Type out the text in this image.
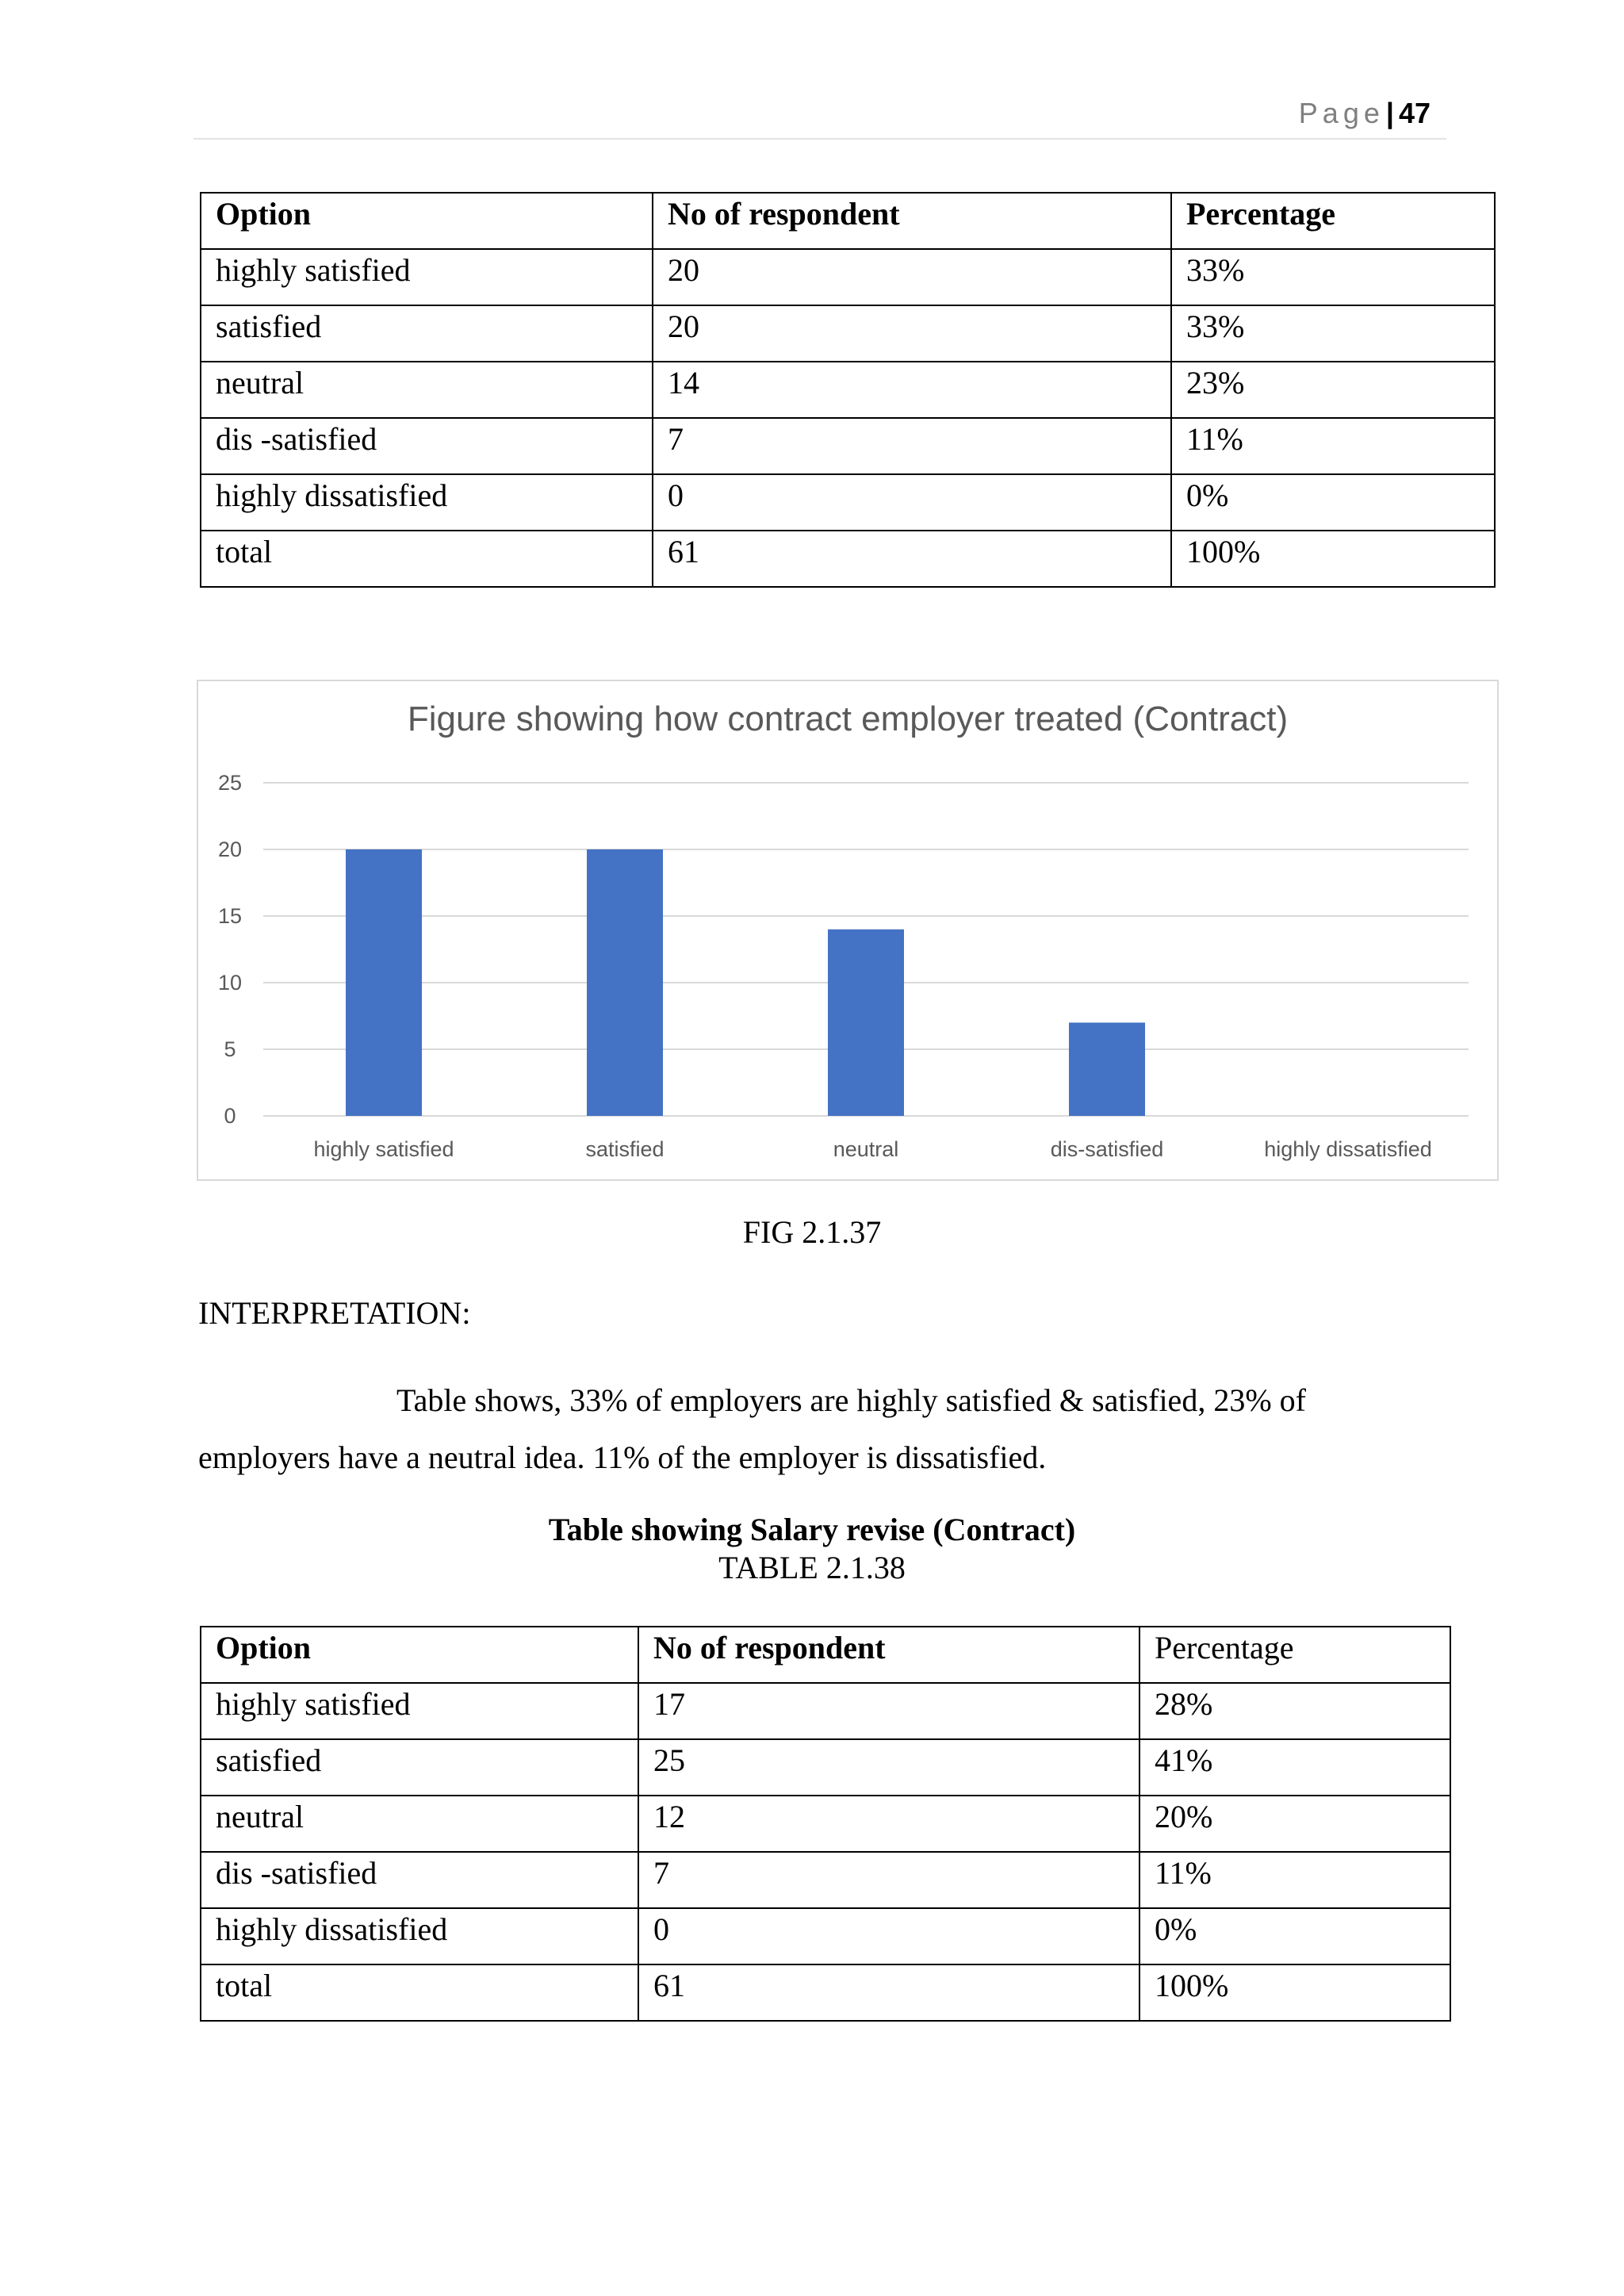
Page| 47
Option	No of respondent	Percentage
highly satisfied	20	33%
satisfied	20	33%
neutral	14	23%
dis -satisfied	7	11%
highly dissatisfied	0	0%
total	61	100%
Figure showing how contract employer treated (Contract)
0
5
10
15
20
25
highly satisfied	satisfied	neutral	dis-satisfied	highly dissatisfied
FIG 2.1.37
INTERPRETATION:
Table shows, 33% of employers are highly satisfied & satisfied, 23% of employers have a neutral idea. 11% of the employer is dissatisfied.
Table showing Salary revise (Contract)
TABLE 2.1.38
Option	No of respondent	Percentage
highly satisfied	17	28%
satisfied	25	41%
neutral	12	20%
dis -satisfied	7	11%
highly dissatisfied	0	0%
total	61	100%
